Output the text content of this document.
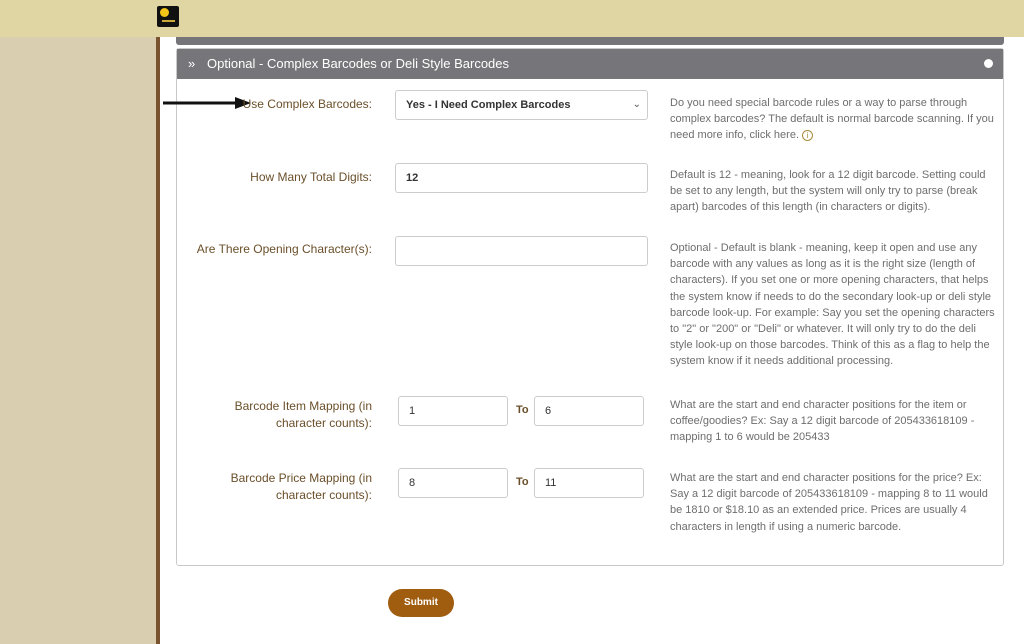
» Optional - Complex Barcodes or Deli Style Barcodes
Use Complex Barcodes:	Yes - I Need Complex Barcodes	⌄	Do you need special barcode rules or a way to parse through complex barcodes? The default is normal barcode scanning. If you need more info, click here. i
How Many Total Digits:	12	Default is 12 - meaning, look for a 12 digit barcode. Setting could be set to any length, but the system will only try to parse (break apart) barcodes of this length (in characters or digits).
Are There Opening Character(s):	Optional - Default is blank - meaning, keep it open and use any barcode with any values as long as it is the right size (length of characters). If you set one or more opening characters, that helps the system know if needs to do the secondary look-up or deli style barcode look-up. For example: Say you set the opening characters to "2" or "200" or "Deli" or whatever. It will only try to do the deli style look-up on those barcodes. Think of this as a flag to help the system know if it needs additional processing.
Barcode Item Mapping (in character counts):
1	To	6	What are the start and end character positions for the item or coffee/goodies? Ex: Say a 12 digit barcode of 205433618109 - mapping 1 to 6 would be 205433
Barcode Price Mapping (in character counts):
8	To	11	What are the start and end character positions for the price? Ex: Say a 12 digit barcode of 205433618109 - mapping 8 to 11 would be 1810 or $18.10 as an extended price. Prices are usually 4 characters in length if using a numeric barcode.
Submit
